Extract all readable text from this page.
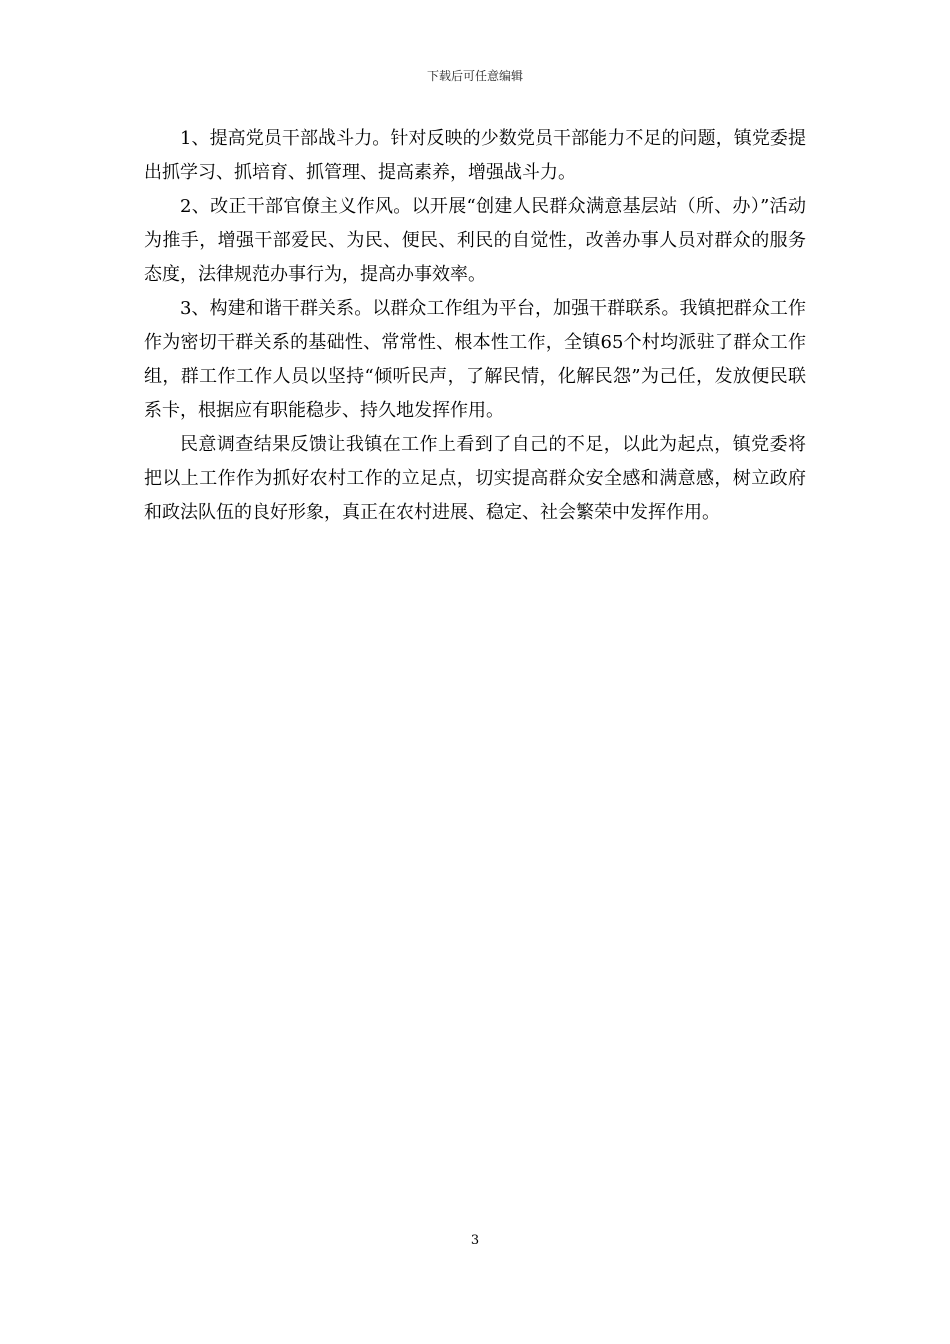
下载后可任意编辑

1、提高党员干部战斗力。针对反映的少数党员干部能力不足的问题，镇党委提出抓学习、抓培育、抓管理、提高素养，增强战斗力。

2、改正干部官僚主义作风。以开展“创建人民群众满意基层站（所、办）”活动为推手，增强干部爱民、为民、便民、利民的自觉性，改善办事人员对群众的服务态度，法律规范办事行为，提高办事效率。

3、构建和谐干群关系。以群众工作组为平台，加强干群联系。我镇把群众工作作为密切干群关系的基础性、常常性、根本性工作，全镇65个村均派驻了群众工作组，群工作工作人员以坚持“倾听民声，了解民情，化解民怨”为己任，发放便民联系卡，根据应有职能稳步、持久地发挥作用。

民意调查结果反馈让我镇在工作上看到了自己的不足，以此为起点，镇党委将把以上工作作为抓好农村工作的立足点，切实提高群众安全感和满意感，树立政府和政法队伍的良好形象，真正在农村进展、稳定、社会繁荣中发挥作用。

3
